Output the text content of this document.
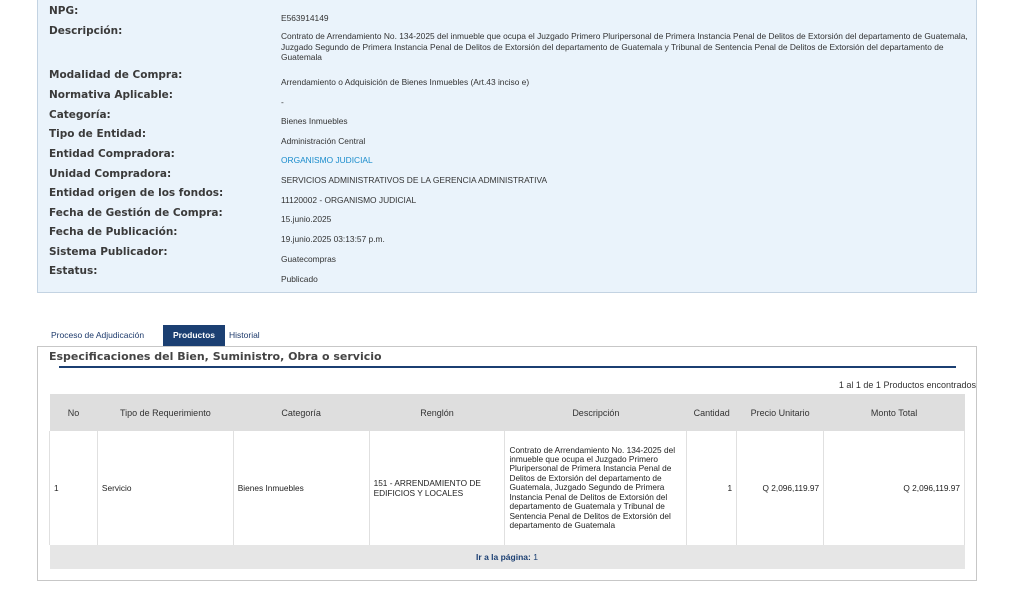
NPG:
E563914149
Descripción:	Contrato de Arrendamiento No. 134-2025 del inmueble que ocupa el Juzgado Primero Pluripersonal de Primera Instancia Penal de Delitos de Extorsión del departamento de Guatemala, Juzgado Segundo de Primera Instancia Penal de Delitos de Extorsión del departamento de Guatemala y Tribunal de Sentencia Penal de Delitos de Extorsión del departamento de Guatemala
Modalidad de Compra:
Arrendamiento o Adquisición de Bienes Inmuebles (Art.43 inciso e)
Normativa Aplicable:
-
Categoría:	Bienes Inmuebles
Tipo de Entidad:
Administración Central
Entidad Compradora:	ORGANISMO JUDICIAL
Unidad Compradora:	SERVICIOS ADMINISTRATIVOS DE LA GERENCIA ADMINISTRATIVA
Entidad origen de los fondos:
11120002 - ORGANISMO JUDICIAL
Fecha de Gestión de Compra:	15.junio.2025
Fecha de Publicación:
19.junio.2025 03:13:57 p.m.
Sistema Publicador:
Guatecompras
Estatus:
Publicado
Proceso de Adjudicación	Productos	Historial
Especificaciones del Bien, Suministro, Obra o servicio
1 al 1 de 1 Productos encontrados
No	Tipo de Requerimiento	Categoría	Renglón	Descripción	Cantidad	Precio Unitario	Monto Total
1	Servicio	Bienes Inmuebles	151 - ARRENDAMIENTO DE EDIFICIOS Y LOCALES	Contrato de Arrendamiento No. 134-2025 del inmueble que ocupa el Juzgado Primero Pluripersonal de Primera Instancia Penal de Delitos de Extorsión del departamento de Guatemala, Juzgado Segundo de Primera Instancia Penal de Delitos de Extorsión del departamento de Guatemala y Tribunal de Sentencia Penal de Delitos de Extorsión del departamento de Guatemala	1	Q 2,096,119.97	Q 2,096,119.97
Ir a la página: 1							
